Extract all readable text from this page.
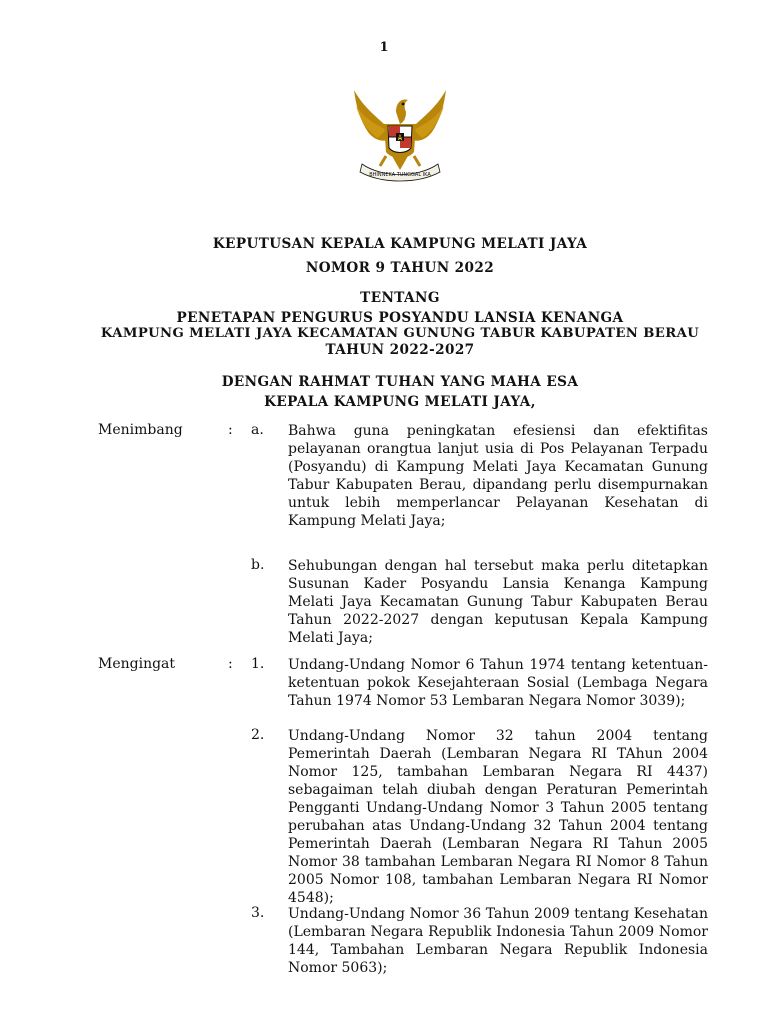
1
BHINNEKA TUNGGAL IKA
KEPUTUSAN KEPALA KAMPUNG MELATI JAYA
NOMOR 9 TAHUN 2022
TENTANG
PENETAPAN PENGURUS POSYANDU LANSIA KENANGA
KAMPUNG MELATI JAYA KECAMATAN GUNUNG TABUR KABUPATEN BERAU
TAHUN 2022-2027
DENGAN RAHMAT TUHAN YANG MAHA ESA
KEPALA KAMPUNG MELATI JAYA,
Menimbang	: a. Bahwa guna peningkatan efesiensi dan efektifitas pelayanan orangtua lanjut usia di Pos Pelayanan Terpadu (Posyandu) di Kampung Melati Jaya Kecamatan Gunung Tabur Kabupaten Berau, dipandang perlu disempurnakan untuk lebih memperlancar Pelayanan Kesehatan di Kampung Melati Jaya;
b. Sehubungan dengan hal tersebut maka perlu ditetapkan Susunan Kader Posyandu Lansia Kenanga Kampung Melati Jaya Kecamatan Gunung Tabur Kabupaten Berau Tahun 2022-2027 dengan keputusan Kepala Kampung Melati Jaya;
Mengingat	: 1. Undang-Undang Nomor 6 Tahun 1974 tentang ketentuan-ketentuan pokok Kesejahteraan Sosial (Lembaga Negara Tahun 1974 Nomor 53 Lembaran Negara Nomor 3039);
2. Undang-Undang Nomor 32 tahun 2004 tentang Pemerintah Daerah (Lembaran Negara RI TAhun 2004 Nomor 125, tambahan Lembaran Negara RI 4437) sebagaiman telah diubah dengan Peraturan Pemerintah Pengganti Undang-Undang Nomor 3 Tahun 2005 tentang perubahan atas Undang-Undang 32 Tahun 2004 tentang Pemerintah Daerah (Lembaran Negara RI Tahun 2005 Nomor 38 tambahan Lembaran Negara RI Nomor 8 Tahun 2005 Nomor 108, tambahan Lembaran Negara RI Nomor 4548);
3. Undang-Undang Nomor 36 Tahun 2009 tentang Kesehatan (Lembaran Negara Republik Indonesia Tahun 2009 Nomor 144, Tambahan Lembaran Negara Republik Indonesia Nomor 5063);
